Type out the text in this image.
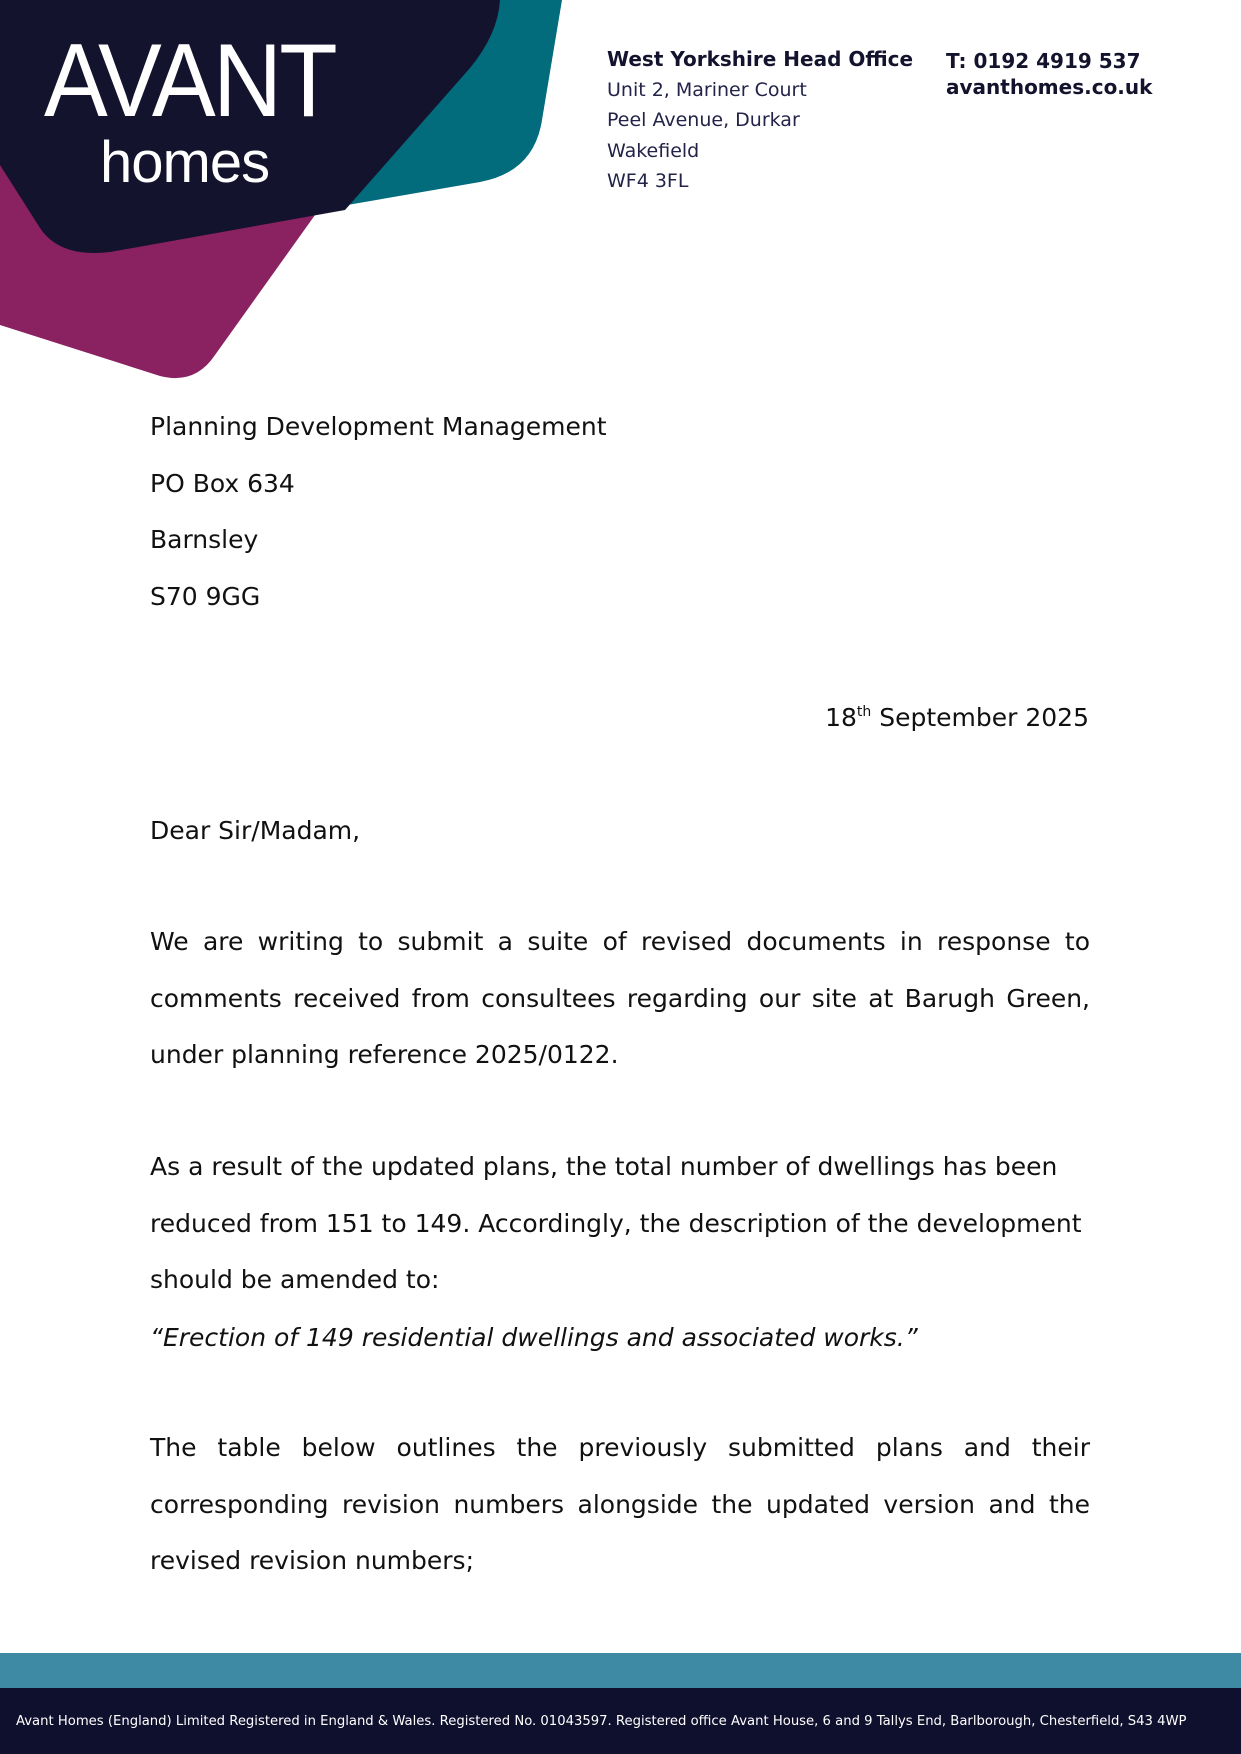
AVANT
homes
West Yorkshire Head Office
Unit 2, Mariner Court
Peel Avenue, Durkar
Wakefield
WF4 3FL
T: 0192 4919 537
avanthomes.co.uk
Planning Development Management
PO Box 634
Barnsley
S70 9GG
18th September 2025
Dear Sir/Madam,
We are writing to submit a suite of revised documents in response to comments received from consultees regarding our site at Barugh Green, under planning reference 2025/0122.
As a result of the updated plans, the total number of dwellings has been reduced from 151 to 149. Accordingly, the description of the development should be amended to:
“Erection of 149 residential dwellings and associated works.”
The table below outlines the previously submitted plans and their corresponding revision numbers alongside the updated version and the revised revision numbers;
Avant Homes (England) Limited Registered in England & Wales. Registered No. 01043597. Registered office Avant House, 6 and 9 Tallys End, Barlborough, Chesterfield, S43 4WP
